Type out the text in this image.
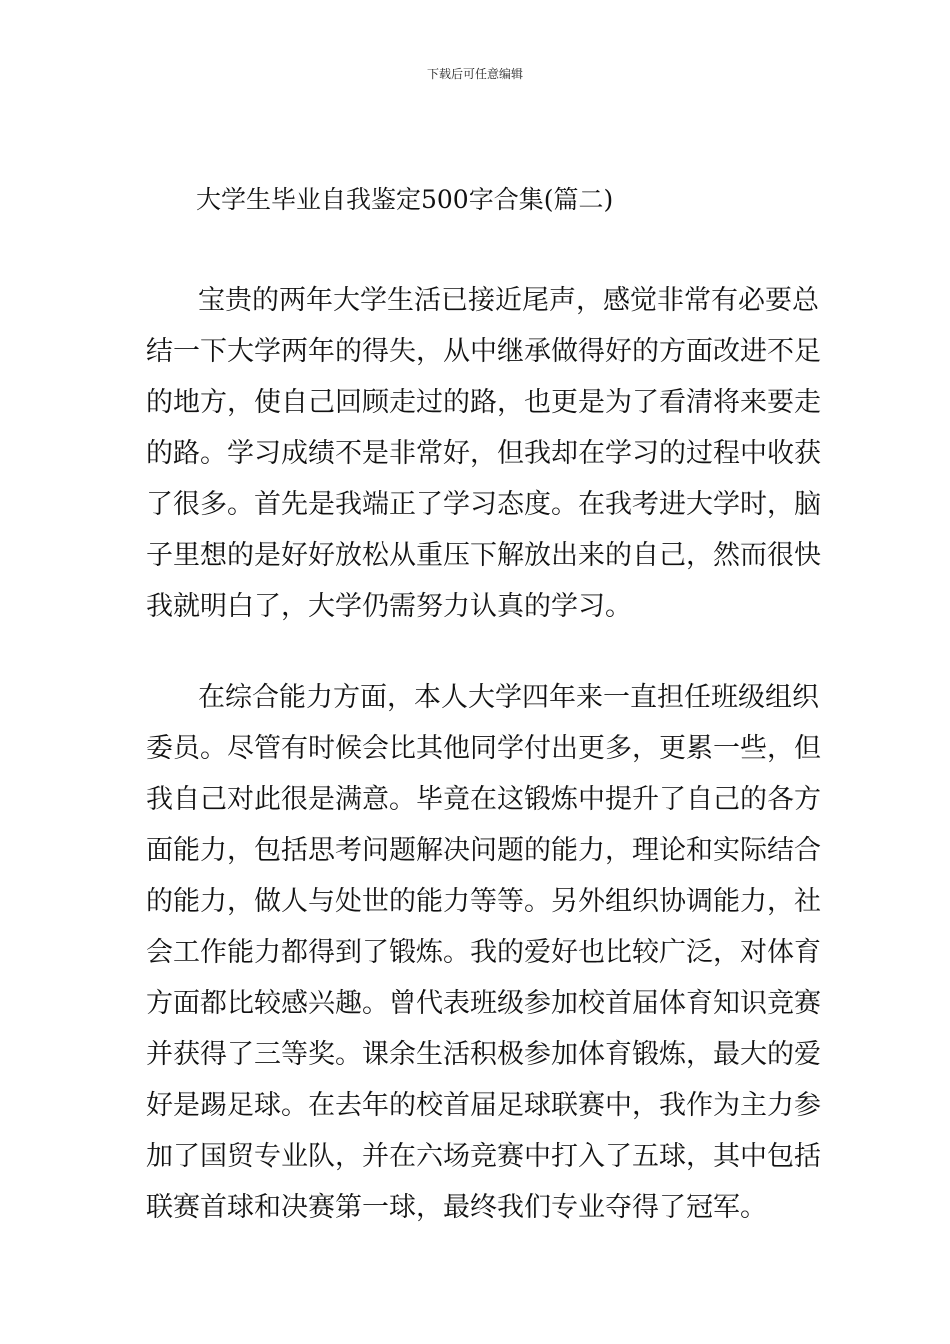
下载后可任意编辑
大学生毕业自我鉴定500字合集(篇二)

宝贵的两年大学生活已接近尾声，感觉非常有必要总
结一下大学两年的得失，从中继承做得好的方面改进不足
的地方，使自己回顾走过的路，也更是为了看清将来要走
的路。学习成绩不是非常好，但我却在学习的过程中收获
了很多。首先是我端正了学习态度。在我考进大学时，脑
子里想的是好好放松从重压下解放出来的自己，然而很快
我就明白了，大学仍需努力认真的学习。

在综合能力方面，本人大学四年来一直担任班级组织
委员。尽管有时候会比其他同学付出更多，更累一些，但
我自己对此很是满意。毕竟在这锻炼中提升了自己的各方
面能力，包括思考问题解决问题的能力，理论和实际结合
的能力，做人与处世的能力等等。另外组织协调能力，社
会工作能力都得到了锻炼。我的爱好也比较广泛，对体育
方面都比较感兴趣。曾代表班级参加校首届体育知识竞赛
并获得了三等奖。课余生活积极参加体育锻炼，最大的爱
好是踢足球。在去年的校首届足球联赛中，我作为主力参
加了国贸专业队，并在六场竞赛中打入了五球，其中包括
联赛首球和决赛第一球，最终我们专业夺得了冠军。
